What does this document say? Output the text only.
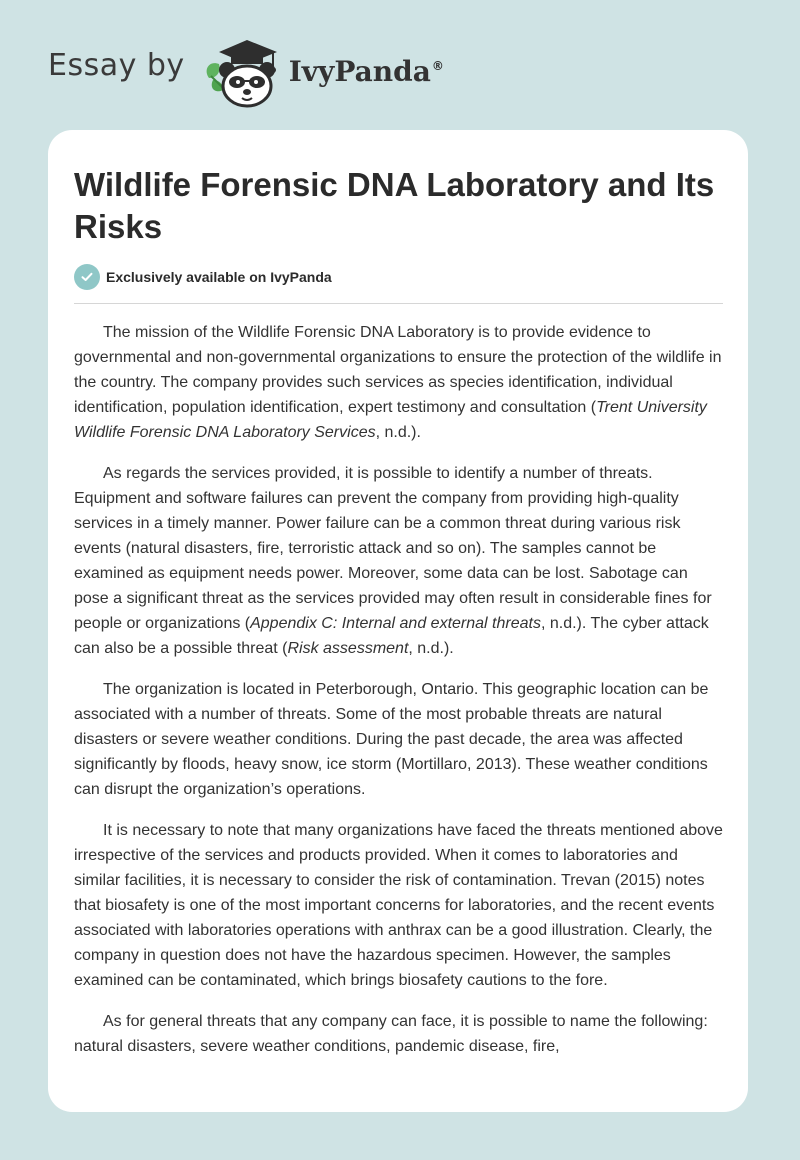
Essay by	IvyPanda®
Wildlife Forensic DNA Laboratory and Its Risks
Exclusively available on IvyPanda

The mission of the Wildlife Forensic DNA Laboratory is to provide evidence to governmental and non-governmental organizations to ensure the protection of the wildlife in the country. The company provides such services as species identification, individual identification, population identification, expert testimony and consultation (Trent University Wildlife Forensic DNA Laboratory Services, n.d.).

As regards the services provided, it is possible to identify a number of threats. Equipment and software failures can prevent the company from providing high-quality services in a timely manner. Power failure can be a common threat during various risk events (natural disasters, fire, terroristic attack and so on). The samples cannot be examined as equipment needs power. Moreover, some data can be lost. Sabotage can pose a significant threat as the services provided may often result in considerable fines for people or organizations (Appendix C: Internal and external threats, n.d.). The cyber attack can also be a possible threat (Risk assessment, n.d.).

The organization is located in Peterborough, Ontario. This geographic location can be associated with a number of threats. Some of the most probable threats are natural disasters or severe weather conditions. During the past decade, the area was affected significantly by floods, heavy snow, ice storm (Mortillaro, 2013). These weather conditions can disrupt the organization’s operations.

It is necessary to note that many organizations have faced the threats mentioned above irrespective of the services and products provided. When it comes to laboratories and similar facilities, it is necessary to consider the risk of contamination. Trevan (2015) notes that biosafety is one of the most important concerns for laboratories, and the recent events associated with laboratories operations with anthrax can be a good illustration. Clearly, the company in question does not have the hazardous specimen. However, the samples examined can be contaminated, which brings biosafety cautions to the fore.

As for general threats that any company can face, it is possible to name the following: natural disasters, severe weather conditions, pandemic disease, fire,
